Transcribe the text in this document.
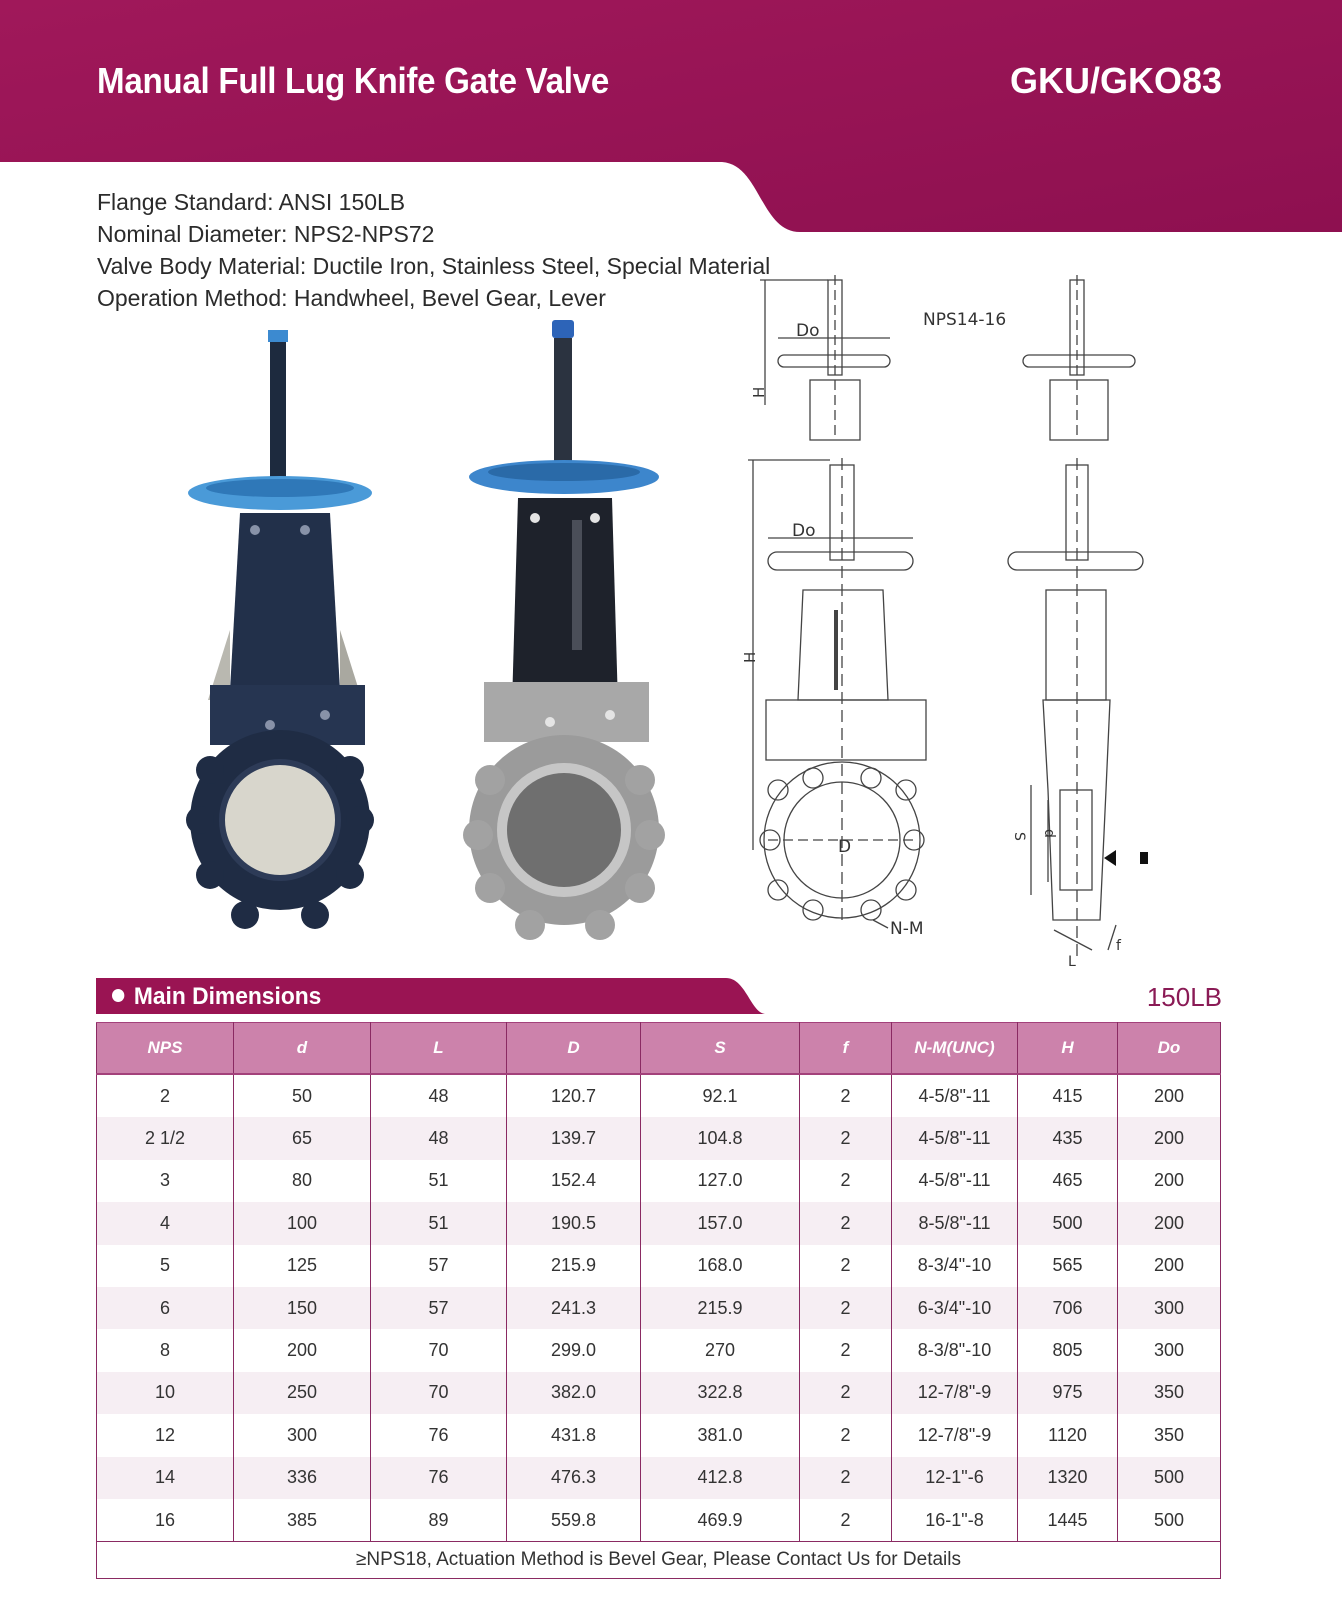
Manual Full Lug Knife Gate Valve	GKU/GKO83
Flange Standard: ANSI 150LB
Nominal Diameter: NPS2-NPS72
Valve Body Material: Ductile Iron, Stainless Steel, Special Material
Operation Method: Handwheel, Bevel Gear, Lever
Do
H
NPS14-16
Do
H
D
N-M
S d
L
f
Main Dimensions	150LB
NPS	d	L	D	S	f	N-M(UNC)	H	Do
2	50	48	120.7	92.1	2	4-5/8"-11	415	200
2 1/2	65	48	139.7	104.8	2	4-5/8"-11	435	200
3	80	51	152.4	127.0	2	4-5/8"-11	465	200
4	100	51	190.5	157.0	2	8-5/8"-11	500	200
5	125	57	215.9	168.0	2	8-3/4"-10	565	200
6	150	57	241.3	215.9	2	6-3/4"-10	706	300
8	200	70	299.0	270	2	8-3/8"-10	805	300
10	250	70	382.0	322.8	2	12-7/8"-9	975	350
12	300	76	431.8	381.0	2	12-7/8"-9	1120	350
14	336	76	476.3	412.8	2	12-1"-6	1320	500
16	385	89	559.8	469.9	2	16-1"-8	1445	500
≥NPS18, Actuation Method is Bevel Gear, Please Contact Us for Details								
